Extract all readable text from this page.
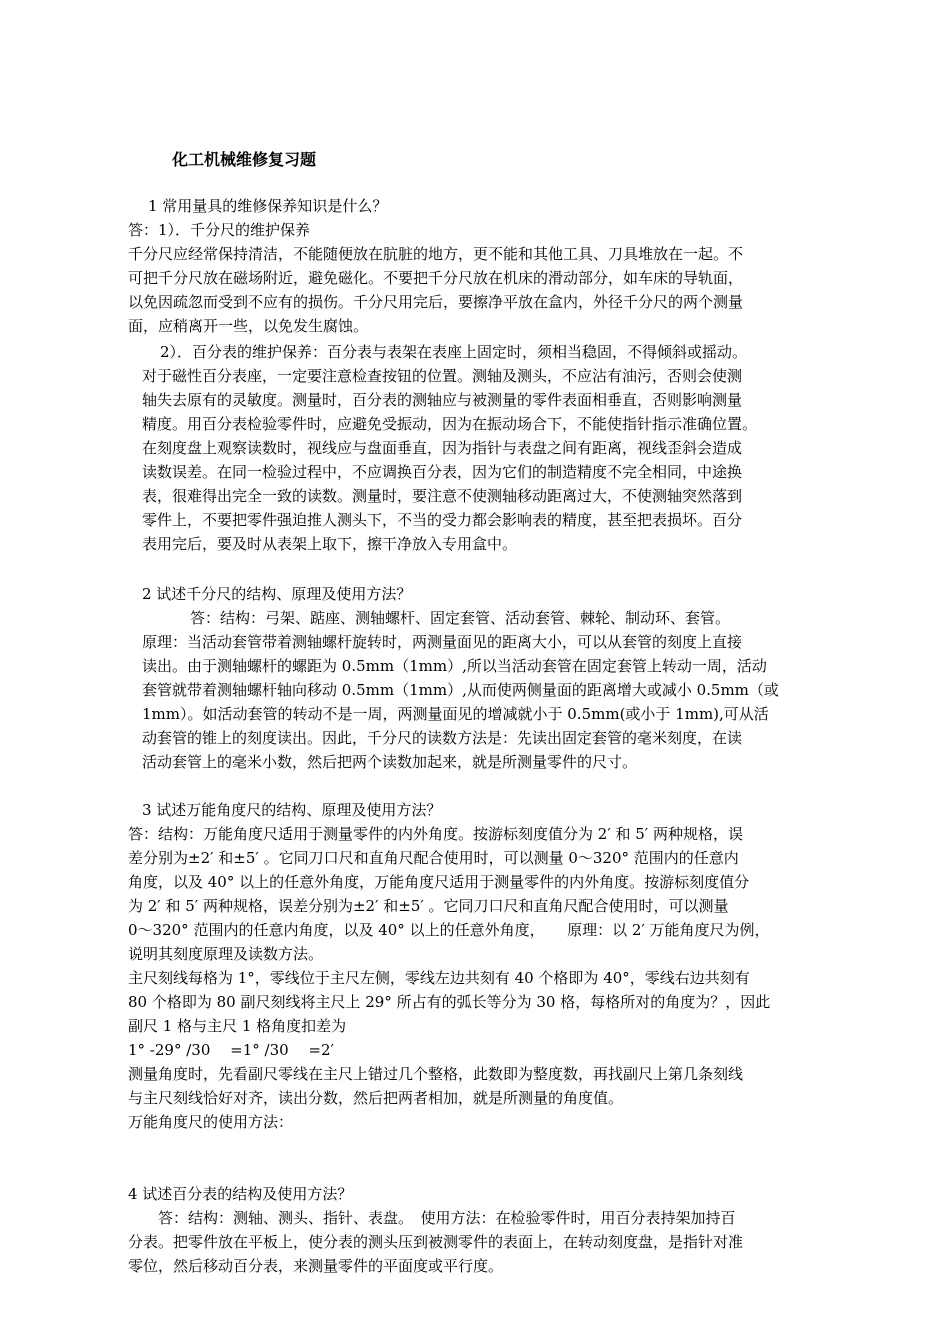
化工机械维修复习题
1 常用量具的维修保养知识是什么？
答：1）．千分尺的维护保养
千分尺应经常保持清洁，不能随便放在肮脏的地方，更不能和其他工具、刀具堆放在一起。不
可把千分尺放在磁场附近，避免磁化。不要把千分尺放在机床的滑动部分，如车床的导轨面，
以免因疏忽而受到不应有的损伤。千分尺用完后，要擦净平放在盒内，外径千分尺的两个测量
面，应稍离开一些，以免发生腐蚀。
2）．百分表的维护保养：百分表与表架在表座上固定时，须相当稳固，不得倾斜或摇动。
对于磁性百分表座，一定要注意检查按钮的位置。测轴及测头，不应沾有油污，否则会使测
轴失去原有的灵敏度。测量时，百分表的测轴应与被测量的零件表面相垂直，否则影响测量
精度。用百分表检验零件时，应避免受振动，因为在振动场合下，不能使指针指示准确位置。
在刻度盘上观察读数时，视线应与盘面垂直，因为指针与表盘之间有距离，视线歪斜会造成
读数误差。在同一检验过程中，不应调换百分表，因为它们的制造精度不完全相同，中途换
表，很难得出完全一致的读数。测量时，要注意不使测轴移动距离过大，不使测轴突然落到
零件上，不要把零件强迫推人测头下，不当的受力都会影响表的精度，甚至把表损坏。百分
表用完后，要及时从表架上取下，擦干净放入专用盒中。
2 试述千分尺的结构、原理及使用方法？
答：结构：弓架、踮座、测轴螺杆、固定套管、活动套管、棘轮、制动环、套管。
原理：当活动套管带着测轴螺杆旋转时，两测量面见的距离大小，可以从套管的刻度上直接
读出。由于测轴螺杆的螺距为 0.5mm（1mm）,所以当活动套管在固定套管上转动一周，活动
套管就带着测轴螺杆轴向移动 0.5mm（1mm）,从而使两侧量面的距离增大或减小 0.5mm（或
1mm）。如活动套管的转动不是一周，两测量面见的增减就小于 0.5mm(或小于 1mm),可从活
动套管的锥上的刻度读出。因此，千分尺的读数方法是：先读出固定套管的毫米刻度，在读
活动套管上的毫米小数，然后把两个读数加起来，就是所测量零件的尺寸。
3 试述万能角度尺的结构、原理及使用方法？
答：结构：万能角度尺适用于测量零件的内外角度。按游标刻度值分为 2′ 和 5′ 两种规格，误
差分别为±2′ 和±5′ 。它同刀口尺和直角尺配合使用时，可以测量 0～320° 范围内的任意内
角度，以及 40° 以上的任意外角度，万能角度尺适用于测量零件的内外角度。按游标刻度值分
为 2′ 和 5′ 两种规格，误差分别为±2′ 和±5′ 。它同刀口尺和直角尺配合使用时，可以测量
0～320° 范围内的任意内角度，以及 40° 以上的任意外角度，　　原理：以 2′ 万能角度尺为例，
说明其刻度原理及读数方法。
主尺刻线每格为 1°，零线位于主尺左侧，零线左边共刻有 40 个格即为 40°，零线右边共刻有
80 个格即为 80 副尺刻线将主尺上 29° 所占有的弧长等分为 30 格，每格所对的角度为？，因此
副尺 1 格与主尺 1 格角度扣差为
1° -29° /30　 =1° /30　 =2′
测量角度时，先看副尺零线在主尺上错过几个整格，此数即为整度数，再找副尺上第几条刻线
与主尺刻线恰好对齐，读出分数，然后把两者相加，就是所测量的角度值。
万能角度尺的使用方法：
4 试述百分表的结构及使用方法？
答：结构：测轴、测头、指针、表盘。　使用方法：在检验零件时，用百分表持架加持百
分表。把零件放在平板上，使分表的测头压到被测零件的表面上，在转动刻度盘，是指针对准
零位，然后移动百分表，来测量零件的平面度或平行度。
